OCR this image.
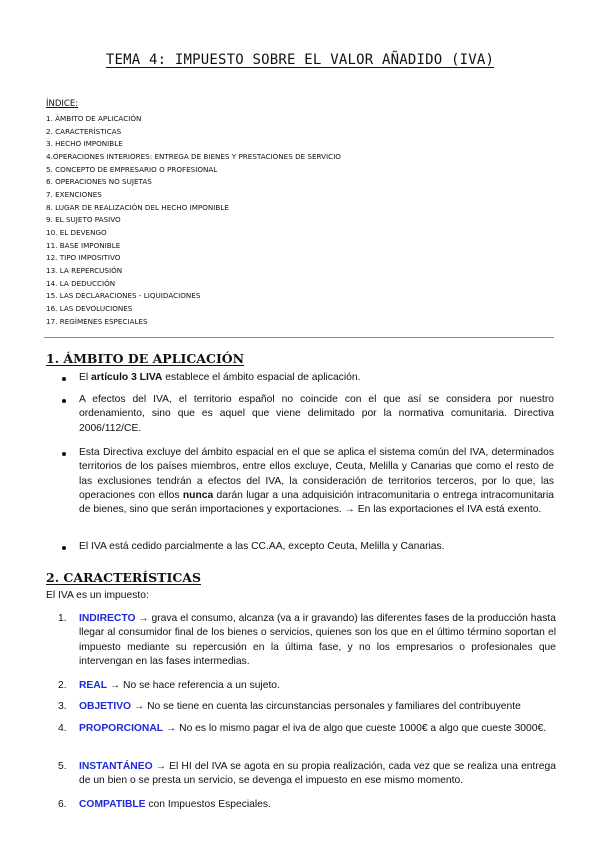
TEMA 4: IMPUESTO SOBRE EL VALOR AÑADIDO (IVA)
ÍNDICE:
1. ÁMBITO DE APLICACIÓN
2. CARACTERÍSTICAS
3. HECHO IMPONIBLE
4.OPERACIONES INTERIORES: ENTREGA DE BIENES Y PRESTACIONES DE SERVICIO
5. CONCEPTO DE EMPRESARIO O PROFESIONAL
6. OPERACIONES NO SUJETAS
7. EXENCIONES
8. LUGAR DE REALIZACIÓN DEL HECHO IMPONIBLE
9. EL SUJETO PASIVO
10. EL DEVENGO
11. BASE IMPONIBLE
12. TIPO IMPOSITIVO
13. LA REPERCUSIÓN
14. LA DEDUCCIÓN
15. LAS DECLARACIONES - LIQUIDACIONES
16. LAS DEVOLUCIONES
17. REGÍMENES ESPECIALES
1. ÁMBITO DE APLICACIÓN

El artículo 3 LIVA establece el ámbito espacial de aplicación.

A efectos del IVA, el territorio español no coincide con el que así se considera por nuestro ordenamiento, sino que es aquel que viene delimitado por la normativa comunitaria. Directiva 2006/112/CE.

Esta Directiva excluye del ámbito espacial en el que se aplica el sistema común del IVA, determinados territorios de los países miembros, entre ellos excluye, Ceuta, Melilla y Canarias que como el resto de las exclusiones tendrán a efectos del IVA, la consideración de territorios terceros, por lo que, las operaciones con ellos nunca darán lugar a una adquisición intracomunitaria o entrega intracomunitaria de bienes, sino que serán importaciones y exportaciones. → En las exportaciones el IVA está exento.

El IVA está cedido parcialmente a las CC.AA, excepto Ceuta, Melilla y Canarias.

2. CARACTERÍSTICAS
El IVA es un impuesto:
1. INDIRECTO → grava el consumo, alcanza (va a ir gravando) las diferentes fases de la producción hasta llegar al consumidor final de los bienes o servicios, quienes son los que en el último término soportan el impuesto mediante su repercusión en la última fase, y no los empresarios o profesionales que intervengan en las fases intermedias.

2. REAL → No se hace referencia a un sujeto.

3. OBJETIVO → No se tiene en cuenta las circunstancias personales y familiares del contribuyente

4. PROPORCIONAL → No es lo mismo pagar el iva de algo que cueste 1000€ a algo que cueste 3000€.

5. INSTANTÁNEO → El HI del IVA se agota en su propia realización, cada vez que se realiza una entrega de un bien o se presta un servicio, se devenga el impuesto en ese mismo momento.

6. COMPATIBLE con Impuestos Especiales.
